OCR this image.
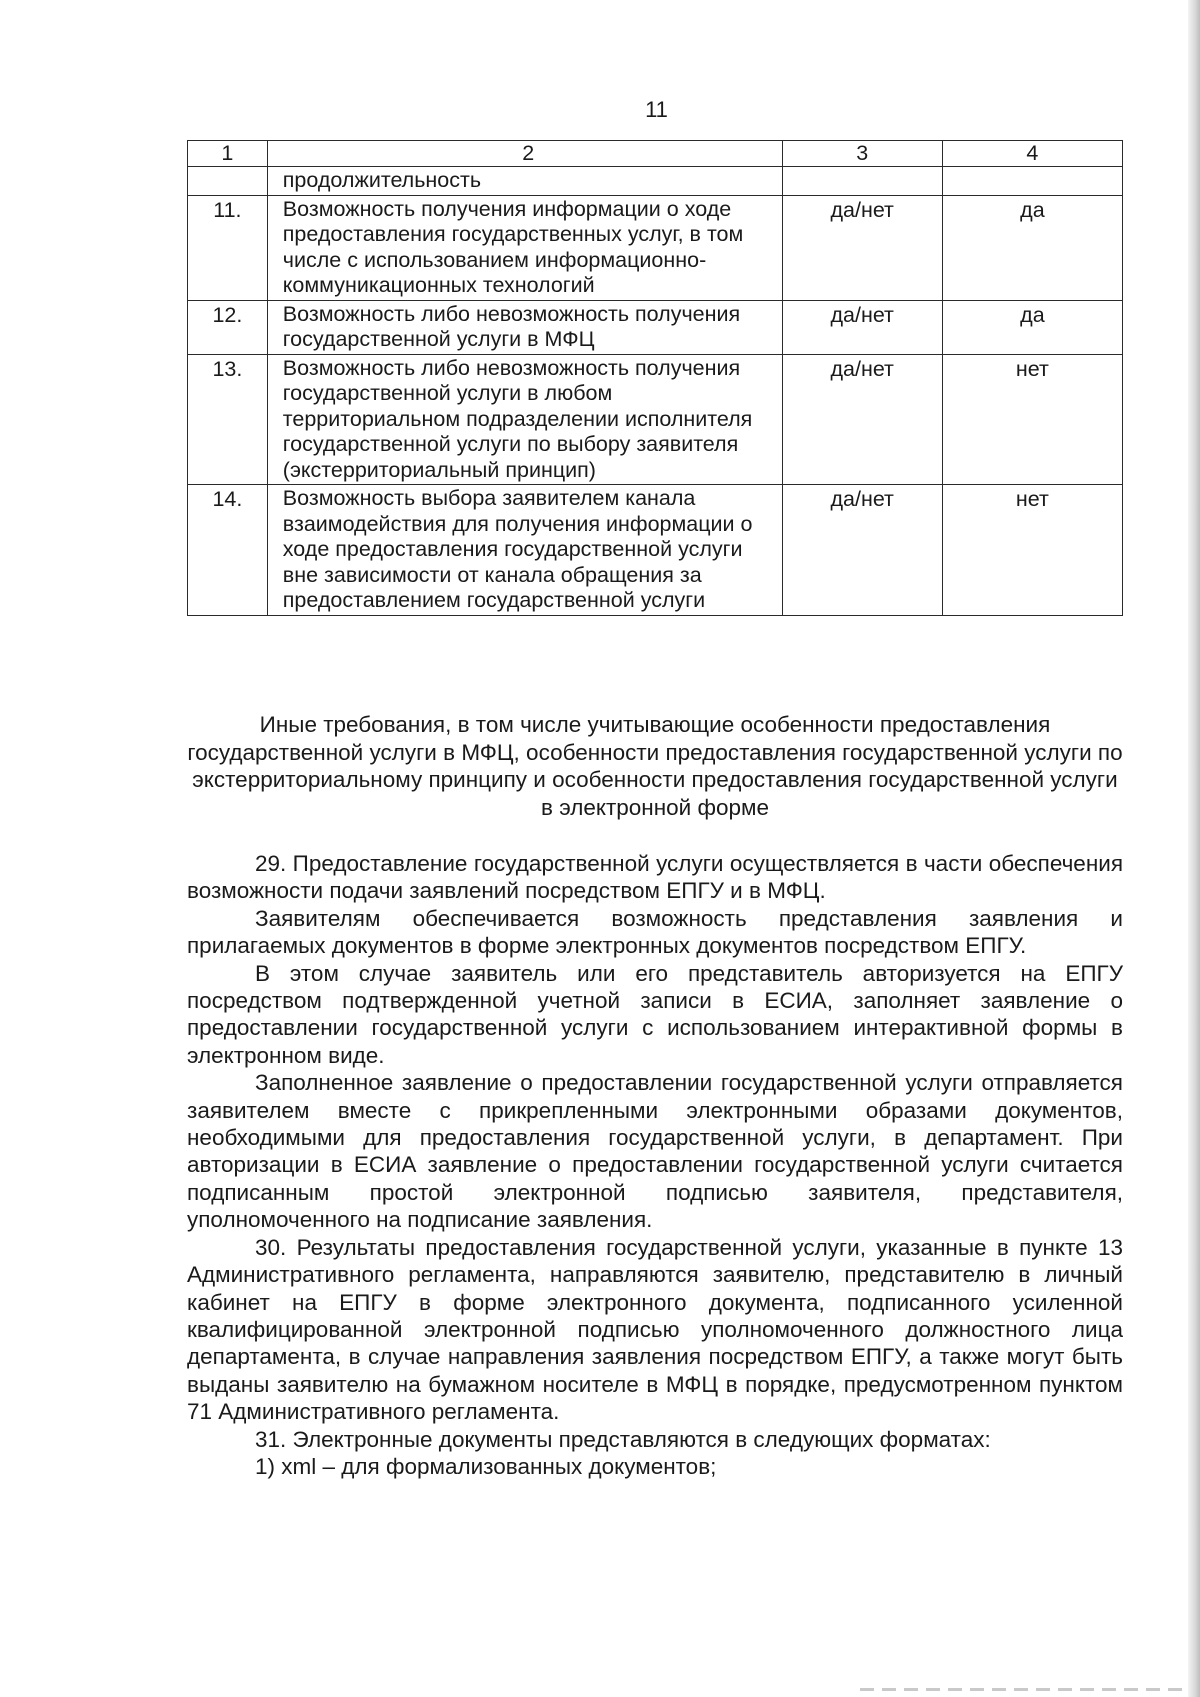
11
1	2	3	4
	продолжительность		
11.	Возможность получения информации о ходе предоставления государственных услуг, в том числе с использованием информационно-коммуникационных технологий	да/нет	да
12.	Возможность либо невозможность получения государственной услуги в МФЦ	да/нет	да
13.	Возможность либо невозможность получения государственной услуги в любом территориальном подразделении исполнителя государственной услуги по выбору заявителя (экстерриториальный принцип)	да/нет	нет
14.	Возможность выбора заявителем канала взаимодействия для получения информации о ходе предоставления государственной услуги вне зависимости от канала обращения за предоставлением государственной услуги	да/нет	нет
Иные требования, в том числе учитывающие особенности предоставления государственной услуги в МФЦ, особенности предоставления государственной услуги по экстерриториальному принципу и особенности предоставления государственной услуги в электронной форме

29. Предоставление государственной услуги осуществляется в части обеспечения возможности подачи заявлений посредством ЕПГУ и в МФЦ.

Заявителям обеспечивается возможность представления заявления и прилагаемых документов в форме электронных документов посредством ЕПГУ.

В этом случае заявитель или его представитель авторизуется на ЕПГУ посредством подтвержденной учетной записи в ЕСИА, заполняет заявление о предоставлении государственной услуги с использованием интерактивной формы в электронном виде.

Заполненное заявление о предоставлении государственной услуги отправляется заявителем вместе с прикрепленными электронными образами документов, необходимыми для предоставления государственной услуги, в департамент. При авторизации в ЕСИА заявление о предоставлении государственной услуги считается подписанным простой электронной подписью заявителя, представителя, уполномоченного на подписание заявления.

30. Результаты предоставления государственной услуги, указанные в пункте 13 Административного регламента, направляются заявителю, представителю в личный кабинет на ЕПГУ в форме электронного документа, подписанного усиленной квалифицированной электронной подписью уполномоченного должностного лица департамента, в случае направления заявления посредством ЕПГУ, а также могут быть выданы заявителю на бумажном носителе в МФЦ в порядке, предусмотренном пунктом 71 Административного регламента.

31. Электронные документы представляются в следующих форматах:

1) xml – для формализованных документов;
